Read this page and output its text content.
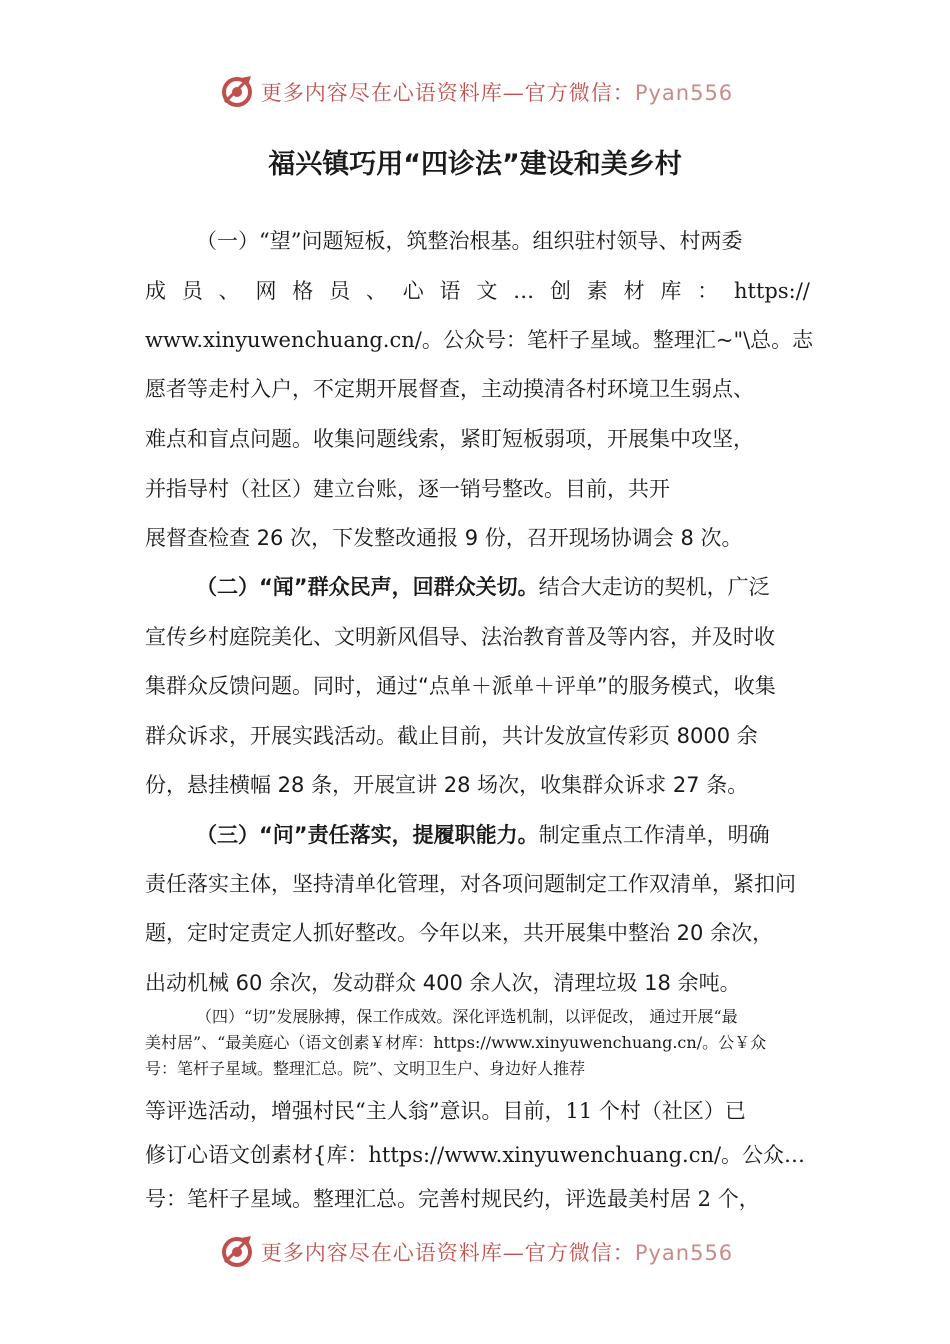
更多内容尽在心语资料库—官方微信：Pyan556
福兴镇巧用“四诊法”建设和美乡村
（一）“望”问题短板，筑整治根基。组织驻村领导、村两委
成 员 、 网 格 员 、 心 语 文 … 创 素 材 库 ： https://
www.xinyuwenchuang.cn/。公众号：笔杆子星域。整理汇~"\总。志
愿者等走村入户，不定期开展督查，主动摸清各村环境卫生弱点、
难点和盲点问题。收集问题线索，紧盯短板弱项，开展集中攻坚，
并指导村（社区）建立台账，逐一销号整改。目前，共开
展督查检查 26 次，下发整改通报 9 份，召开现场协调会 8 次。
（二）“闻”群众民声，回群众关切。结合大走访的契机，广泛
宣传乡村庭院美化、文明新风倡导、法治教育普及等内容，并及时收
集群众反馈问题。同时，通过“点单＋派单＋评单”的服务模式，收集
群众诉求，开展实践活动。截止目前，共计发放宣传彩页 8000 余
份，悬挂横幅 28 条，开展宣讲 28 场次，收集群众诉求 27 条。
（三）“问”责任落实，提履职能力。制定重点工作清单，明确
责任落实主体，坚持清单化管理，对各项问题制定工作双清单，紧扣问
题，定时定责定人抓好整改。今年以来，共开展集中整治 20 余次，
出动机械 60 余次，发动群众 400 余人次，清理垃圾 18 余吨。
（四）“切”发展脉搏，保工作成效。深化评选机制，以评促改， 通过开展“最
美村居”、“最美庭心（语文创素￥材库：https://www.xinyuwenchuang.cn/。公￥众
号：笔杆子星域。整理汇总。院”、文明卫生户、身边好人推荐
等评选活动，增强村民“主人翁”意识。目前，11 个村（社区）已
修订心语文创素材{库：https://www.xinyuwenchuang.cn/。公众…
号：笔杆子星域。整理汇总。完善村规民约，评选最美村居 2 个，
更多内容尽在心语资料库—官方微信：Pyan556
